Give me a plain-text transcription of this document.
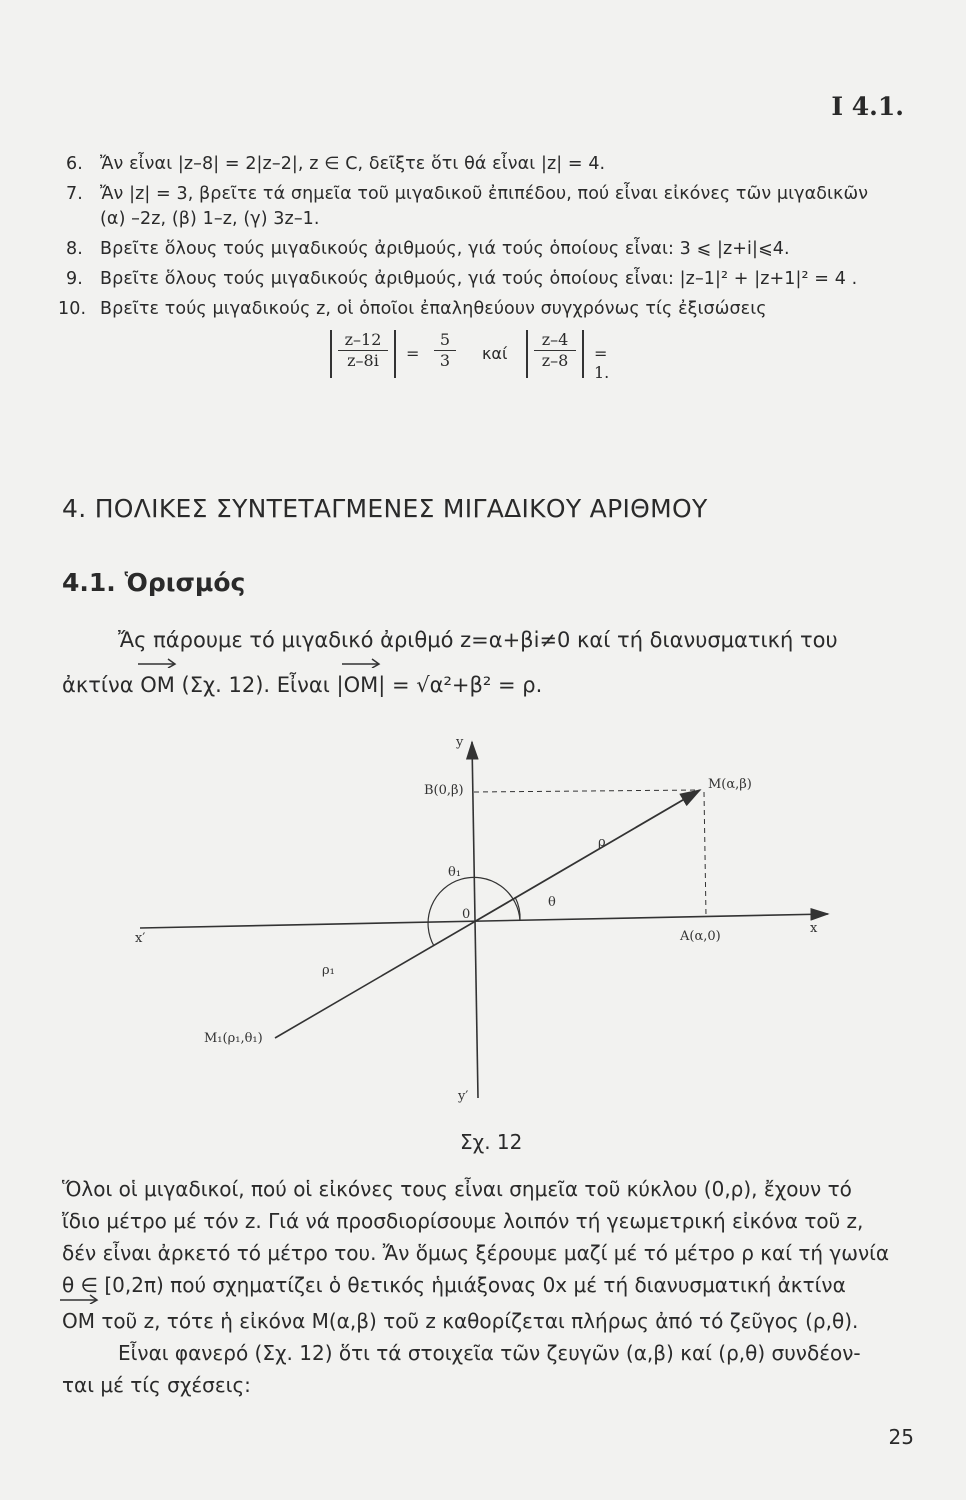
I 4.1.
6. Ἄν εἶναι |z–8| = 2|z–2|, z ∈ C, δεῖξτε ὅτι θά εἶναι |z| = 4.
7. Ἄν |z| = 3, βρεῖτε τά σημεῖα τοῦ μιγαδικοῦ ἐπιπέδου, πού εἶναι εἰκόνες τῶν μιγαδικῶν
(α) –2z, (β) 1–z, (γ) 3z–1.
8. Βρεῖτε ὅλους τούς μιγαδικούς ἀριθμούς, γιά τούς ὁποίους εἶναι: 3 ⩽ |z+i|⩽4.
9. Βρεῖτε ὅλους τούς μιγαδικούς ἀριθμούς, γιά τούς ὁποίους εἶναι: |z–1|² + |z+1|² = 4 .
10. Βρεῖτε τούς μιγαδικούς z, οἱ ὁποῖοι ἐπαληθεύουν συγχρόνως τίς ἐξισώσεις
$\frac{z-12}{z-8i} = \frac{5}{3}$ καί $\frac{z-4}{z-8} = 1$.
4. ΠΟΛΙΚΕΣ ΣΥΝΤΕΤΑΓΜΕΝΕΣ ΜΙΓΑΔΙΚΟΥ ΑΡΙΘΜΟΥ
4.1. Ὁρισμός
Ἄς πάρουμε τό μιγαδικό ἀριθμό z=α+βi≠0 καί τή διανυσματική του
ἀκτίνα
OM (Σχ. 12). Εἶναι |
OM| = √α²+β² = ρ.
y
y′
x
x′
0
B(0,β)	M(α,β)
A(α,0)
ρ
θ
θ₁
ρ₁
M₁(ρ₁,θ₁)
Σχ. 12
Ὅλοι οἱ μιγαδικοί, πού οἱ εἰκόνες τους εἶναι σημεῖα τοῦ κύκλου (0,ρ), ἔχουν τό
ἴδιο μέτρο μέ τόν z. Γιά νά προσδιορίσουμε λοιπόν τή γεωμετρική εἰκόνα τοῦ z,
δέν εἶναι ἀρκετό τό μέτρο του. Ἄν ὅμως ξέρουμε μαζί μέ τό μέτρο ρ καί τή γωνία
θ ∈ [0,2π) πού σχηματίζει ὁ θετικός ἡμιάξονας 0x μέ τή διανυσματική ἀκτίνα
OM τοῦ z, τότε ἡ εἰκόνα M(α,β) τοῦ z καθορίζεται πλήρως ἀπό τό ζεῦγος (ρ,θ).
Εἶναι φανερό (Σχ. 12) ὅτι τά στοιχεῖα τῶν ζευγῶν (α,β) καί (ρ,θ) συνδέον-
ται μέ τίς σχέσεις:
25
